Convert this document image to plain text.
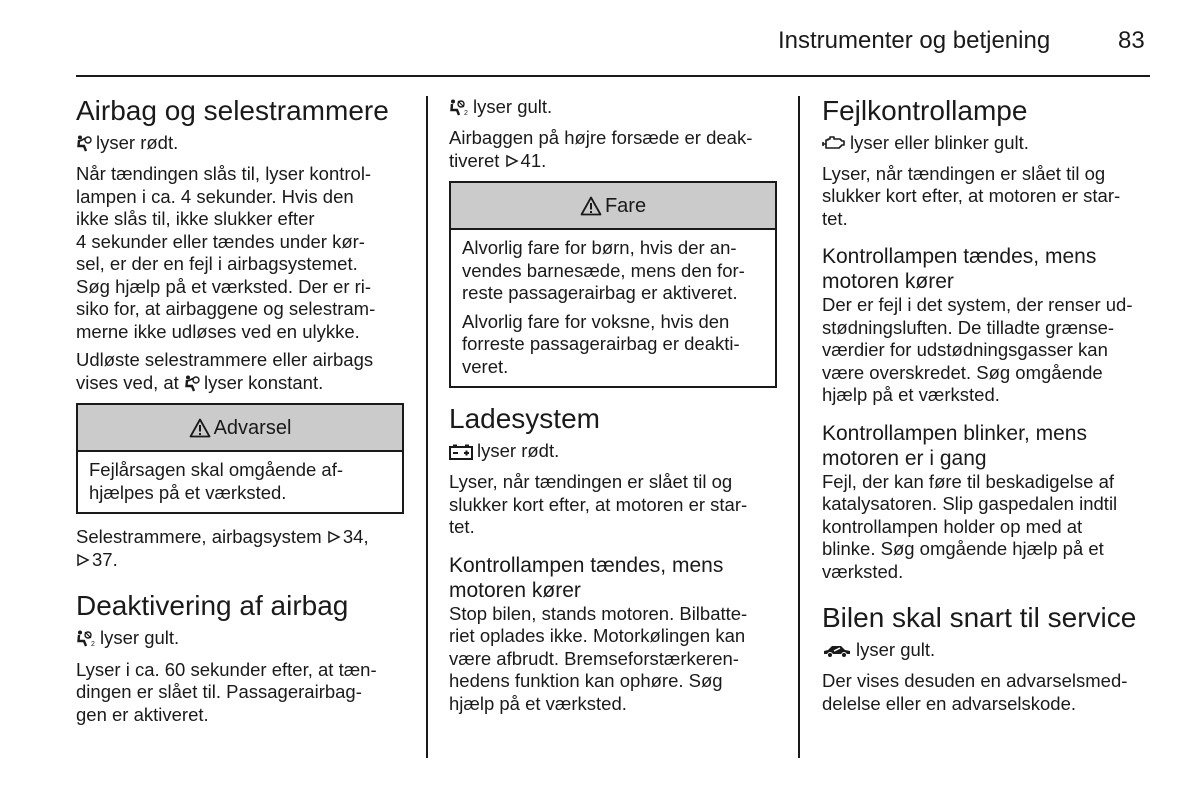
Instrumenter og betjening	83
Airbag og selestrammere
lyser rødt.
Når tændingen slås til, lyser kontrol-
lampen i ca. 4 sekunder. Hvis den
ikke slås til, ikke slukker efter
4 sekunder eller tændes under kør-
sel, er der en fejl i airbagsystemet.
Søg hjælp på et værksted. Der er ri-
siko for, at airbaggene og selestram-
merne ikke udløses ved en ulykke.
Udløste selestrammere eller airbags
vises ved, at
lyser konstant.
Advarsel
Fejlårsagen skal omgående af-
hjælpes på et værksted.
Selestrammere, airbagsystem 34,
37.
Deaktivering af airbag
2 lyser gult.
Lyser i ca. 60 sekunder efter, at tæn-
dingen er slået til. Passagerairbag-
gen er aktiveret.
2 lyser gult.
Airbaggen på højre forsæde er deak-
tiveret 41.
Fare
Alvorlig fare for børn, hvis der an-
vendes barnesæde, mens den for-
reste passagerairbag er aktiveret.
Alvorlig fare for voksne, hvis den
forreste passagerairbag er deakti-
veret.
Ladesystem
lyser rødt.
Lyser, når tændingen er slået til og
slukker kort efter, at motoren er star-
tet.
Kontrollampen tændes, mens
motoren kører
Stop bilen, stands motoren. Bilbatte-
riet oplades ikke. Motorkølingen kan
være afbrudt. Bremseforstærkeren-
hedens funktion kan ophøre. Søg
hjælp på et værksted.
Fejlkontrollampe
lyser eller blinker gult.
Lyser, når tændingen er slået til og
slukker kort efter, at motoren er star-
tet.
Kontrollampen tændes, mens
motoren kører
Der er fejl i det system, der renser ud-
stødningsluften. De tilladte grænse-
værdier for udstødningsgasser kan
være overskredet. Søg omgående
hjælp på et værksted.
Kontrollampen blinker, mens
motoren er i gang
Fejl, der kan føre til beskadigelse af
katalysatoren. Slip gaspedalen indtil
kontrollampen holder op med at
blinke. Søg omgående hjælp på et
værksted.
Bilen skal snart til service
lyser gult.
Der vises desuden en advarselsmed-
delelse eller en advarselskode.
